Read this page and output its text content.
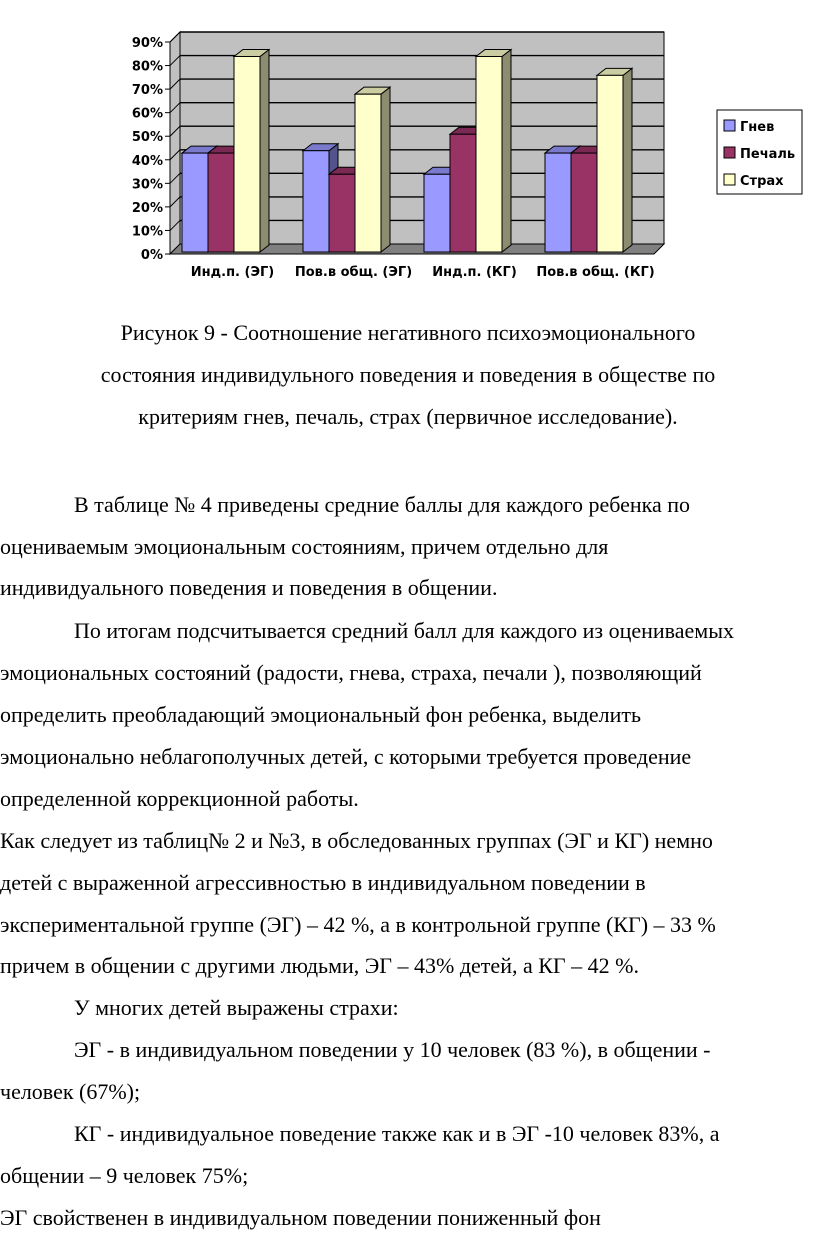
90%
80%
70%
60%
50%
40%
30%
20%
10%
0%
Инд.п. (ЭГ) Пов.в общ. (ЭГ) Инд.п. (КГ) Пов.в общ. (КГ)
Гнев
Печаль
Страх
Рисунок 9 - Соотношение негативного психоэмоционального
состояния индивидульного поведения и поведения в обществе по
критериям гнев, печаль, страх (первичное исследование).
В таблице № 4 приведены средние баллы для каждого ребенка по
оцениваемым эмоциональным состояниям, причем отдельно для
индивидуального поведения и поведения в общении.
По итогам подсчитывается средний балл для каждого из оцениваемых
эмоциональных состояний (радости, гнева, страха, печали ), позволяющий
определить преобладающий эмоциональный фон ребенка, выделить
эмоционально неблагополучных детей, с которыми требуется проведение
определенной коррекционной работы.
Как следует из таблиц№ 2 и №3, в обследованных группах (ЭГ и КГ) немно
детей с выраженной агрессивностью в индивидуальном поведении в
экспериментальной группе (ЭГ) – 42 %, а в контрольной группе (КГ) – 33 %
причем в общении с другими людьми, ЭГ – 43% детей, а КГ – 42 %.
У многих детей выражены страхи:
ЭГ - в индивидуальном поведении у 10 человек (83 %), в общении -
человек (67%);
КГ - индивидуальное поведение также как и в ЭГ -10 человек 83%, а
общении – 9 человек 75%;
ЭГ свойственен в индивидуальном поведении пониженный фон
